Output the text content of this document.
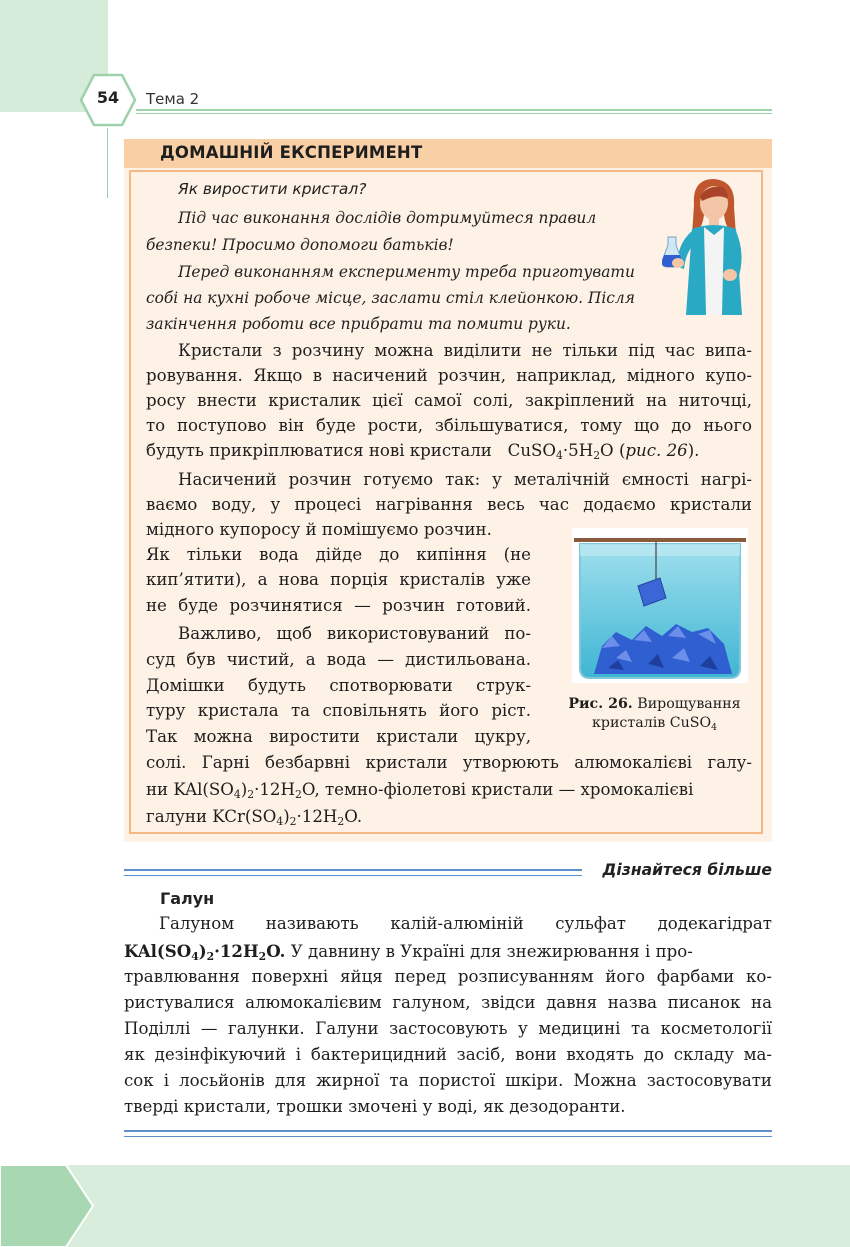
54	Тема 2
ДОМАШНІЙ ЕКСПЕРИМЕНТ
Як виростити кристал?
Під час виконання дослідів дотримуйтеся правил
безпеки! Просимо допомоги батьків!
Перед виконанням експерименту треба приготувати
собі на кухні робоче місце, заслати стіл клейонкою. Після
закінчення роботи все прибрати та помити руки.
Кристали з розчину можна виділити не тільки під час випа-
ровування. Якщо в насичений розчин, наприклад, мідного купо-
росу внести кристалик цієї самої солі, закріплений на ниточці,
то поступово він буде рости, збільшуватися, тому що до нього
будуть прикріплюватися нові кристали   $CuSO_4\cdot 5H_2O$ (рис. 26).
Насичений розчин готуємо так: у металічній ємності нагрі-
ваємо воду, у процесі нагрівання весь час додаємо кристали
мідного купоросу й помішуємо розчин.
Як тільки вода дійде до кипіння (не
кип’ятити), а нова порція кристалів уже
не буде розчинятися — розчин готовий.
Важливо, щоб використовуваний по-
суд був чистий, а вода — дистильована.
Домішки будуть спотворювати струк-
туру кристала та сповільнять його ріст.
Так можна виростити кристали цукру,
солі. Гарні безбарвні кристали утворюють алюмокалієві галу-
ни $KAl(SO_4)_2\cdot 12H_2O$, темно-фіолетові кристали — хромокалієві
галуни $KCr(SO_4)_2\cdot 12H_2O$.
Рис. 26. Вирощування
кристалів CuSO$_4$
Дізнайтеся більше
Галун
Галуном називають калій-алюміній сульфат додекагідрат
$KAl(SO_4)_2\cdot 12H_2O$. У давнину в Україні для знежирювання і про-
травлювання поверхні яйця перед розписуванням його фарбами ко-
ристувалися алюмокалієвим галуном, звідси давня назва писанок на
Поділлі — галунки. Галуни застосовують у медицині та косметології
як дезінфікуючий і бактерицидний засіб, вони входять до складу ма-
сок і лосьйонів для жирної та пористої шкіри. Можна застосовувати
тверді кристали, трошки змочені у воді, як дезодоранти.
